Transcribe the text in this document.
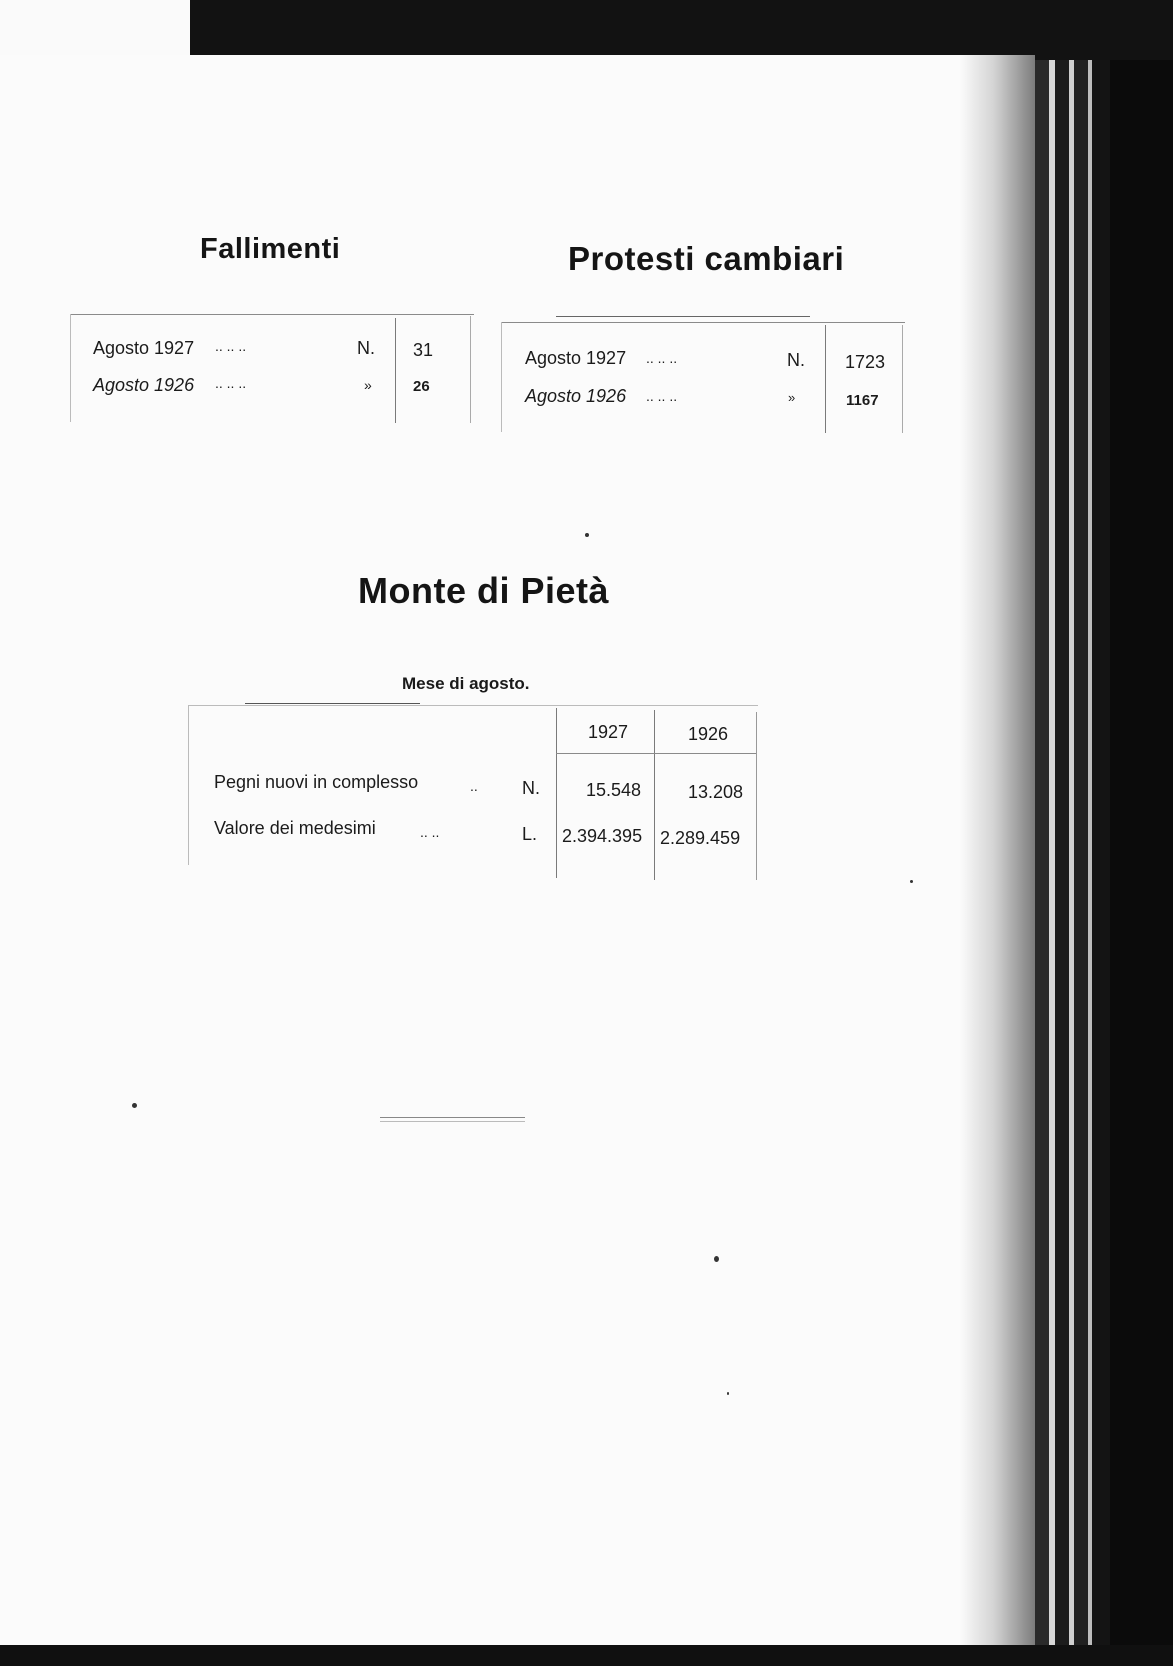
Fallimenti
Agosto 1927 .. .. ..	N. 31
Agosto 1926 .. .. ..	»	26
Protesti cambiari
Agosto 1927 .. .. ..	N. 1723
Agosto 1926 .. .. ..	»	1167
Monte di Pietà
Mese di agosto.
1927	1926
Pegni nuovi in complesso	.. N.	15.548	13.208
Valore dei medesimi	.. ..	L. 2.394.395 2.289.459
